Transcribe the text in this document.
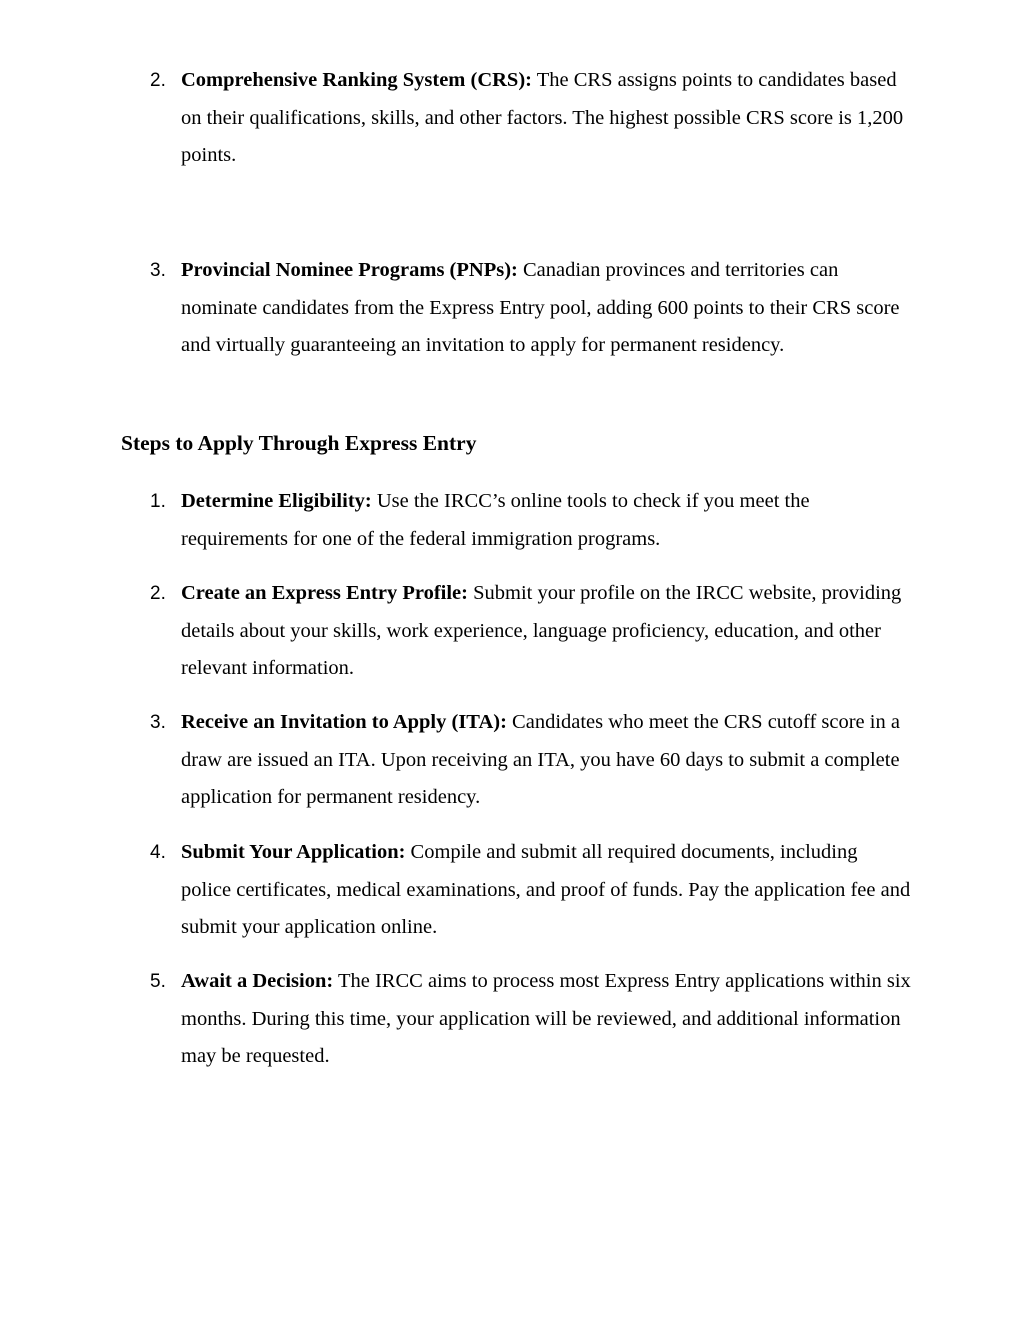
2. Comprehensive Ranking System (CRS): The CRS assigns points to candidates based on their qualifications, skills, and other factors. The highest possible CRS score is 1,200 points.
3. Provincial Nominee Programs (PNPs): Canadian provinces and territories can nominate candidates from the Express Entry pool, adding 600 points to their CRS score and virtually guaranteeing an invitation to apply for permanent residency.
Steps to Apply Through Express Entry
1. Determine Eligibility: Use the IRCC’s online tools to check if you meet the requirements for one of the federal immigration programs.
2. Create an Express Entry Profile: Submit your profile on the IRCC website, providing details about your skills, work experience, language proficiency, education, and other relevant information.
3. Receive an Invitation to Apply (ITA): Candidates who meet the CRS cutoff score in a draw are issued an ITA. Upon receiving an ITA, you have 60 days to submit a complete application for permanent residency.
4. Submit Your Application: Compile and submit all required documents, including police certificates, medical examinations, and proof of funds. Pay the application fee and submit your application online.
5. Await a Decision: The IRCC aims to process most Express Entry applications within six months. During this time, your application will be reviewed, and additional information may be requested.
